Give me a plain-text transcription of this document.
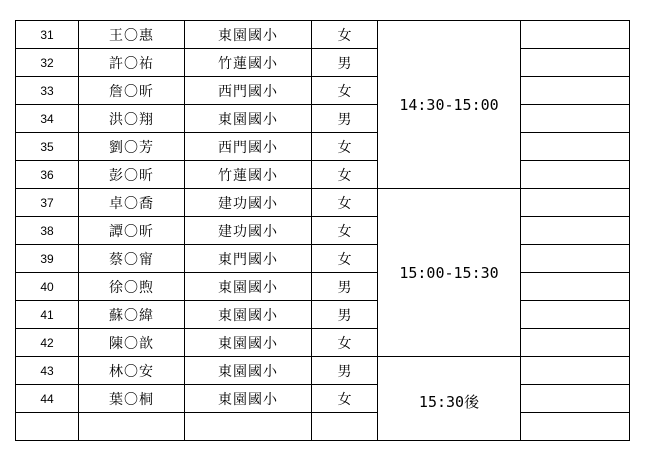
31	王〇惠	東園國小	女	14:30-15:00	
32	許〇祐	竹蓮國小	男		
33	詹〇昕	西門國小	女		
34	洪〇翔	東園國小	男		
35	劉〇芳	西門國小	女		
36	彭〇昕	竹蓮國小	女		
37	卓〇喬	建功國小	女	15:00-15:30	
38	譚〇昕	建功國小	女		
39	蔡〇甯	東門國小	女		
40	徐〇煦	東園國小	男		
41	蘇〇緯	東園國小	男		
42	陳〇歆	東園國小	女		
43	林〇安	東園國小	男	15:30後	

44	葉〇桐	東園國小	女		
